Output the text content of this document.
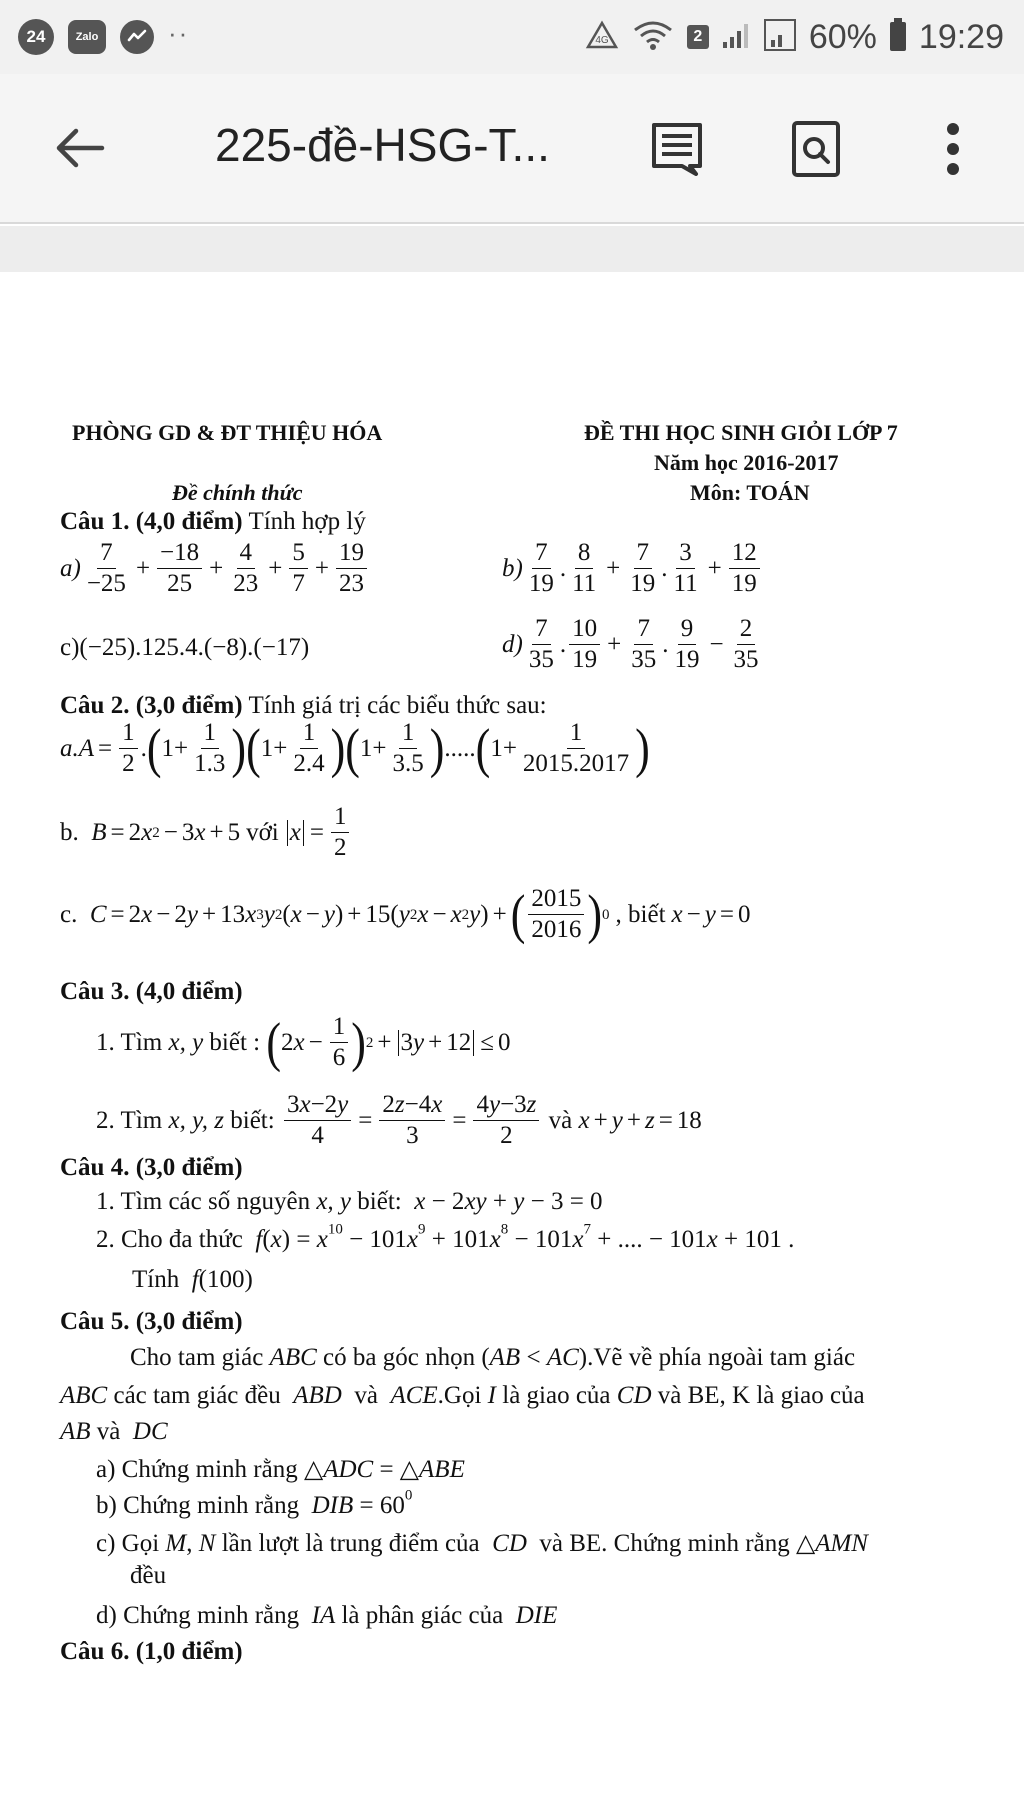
24	Zalo	··	4G	2	60% 19:29
225-đề-HSG-T...
PHÒNG GD & ĐT THIỆU HÓA	ĐỀ THI HỌC SINH GIỎI LỚP 7
Năm học 2016-2017
Đề chính thức	Môn: TOÁN
Câu 1. (4,0 điểm) Tính hợp lý
$a) \frac{7}{-25} + \frac{-18}{25} + \frac{4}{23} + \frac{5}{7} + \frac{19}{23}$	$b) \frac{7}{19}$ . $\frac{8}{11} + \frac{7}{19}$ . $\frac{3}{11} + \frac{12}{19}$
c)(−25).125.4.(−8).(−17)	$d) \frac{7}{35}$ . $\frac{10}{19} + \frac{7}{35}$ . $\frac{9}{19} - \frac{2}{35}$
Câu 2. (3,0 điểm) Tính giá trị các biểu thức sau:
$a.A = \frac{1}{2}$ . ( $1+ \frac{1}{1.3}$ ) ( $1+ \frac{1}{2.4}$ ) ( $1+ \frac{1}{3.5}$ ) ..... ( $1+ \frac{1}{2015.2017}$ )
b. B = 2 x 2 − 3 x + 5 với $x = \frac{1}{2}$
c. C = 2 x − 2 y + 13 x 3 y 2 ( x − y ) + 15( y 2 x − x 2 y ) + ( $\frac{2015}{2016}$ ) 0 , biết x − y = 0
Câu 3. (4,0 điểm)
1. Tìm
x, y
biết :
( 2 $x - \frac{1}{6}$ ) 2 + 3 y + 12 ≤ 0
2. Tìm
x, y, z
biết:
$\frac{3x-2y}{4} = \frac{2z-4x}{3} = \frac{4y-3z}{2}$
và
x + y + z = 18
Câu 4. (3,0 điểm)
1. Tìm các số nguyên x, y biết: x − 2xy + y − 3 = 0
2. Cho đa thức $f(x) = x^{10} - 101x^9 + 101x^8 - 101x^7$ + .... − 101x + 101 .
Tính f(100)
Câu 5. (3,0 điểm)
Cho tam giác ABC có ba góc nhọn (AB < AC).Vẽ về phía ngoài tam giác
ABC các tam giác đều ABD và ACE.Gọi I là giao của CD và BE, K là giao của
AB và DC
a) Chứng minh rằng △ADC = △ABE
b) Chứng minh rằng DIB = $60^0$
c) Gọi M, N lần lượt là trung điểm của CD và BE. Chứng minh rằng △AMN
đều
d) Chứng minh rằng IA là phân giác của DIE
Câu 6. (1,0 điểm)
